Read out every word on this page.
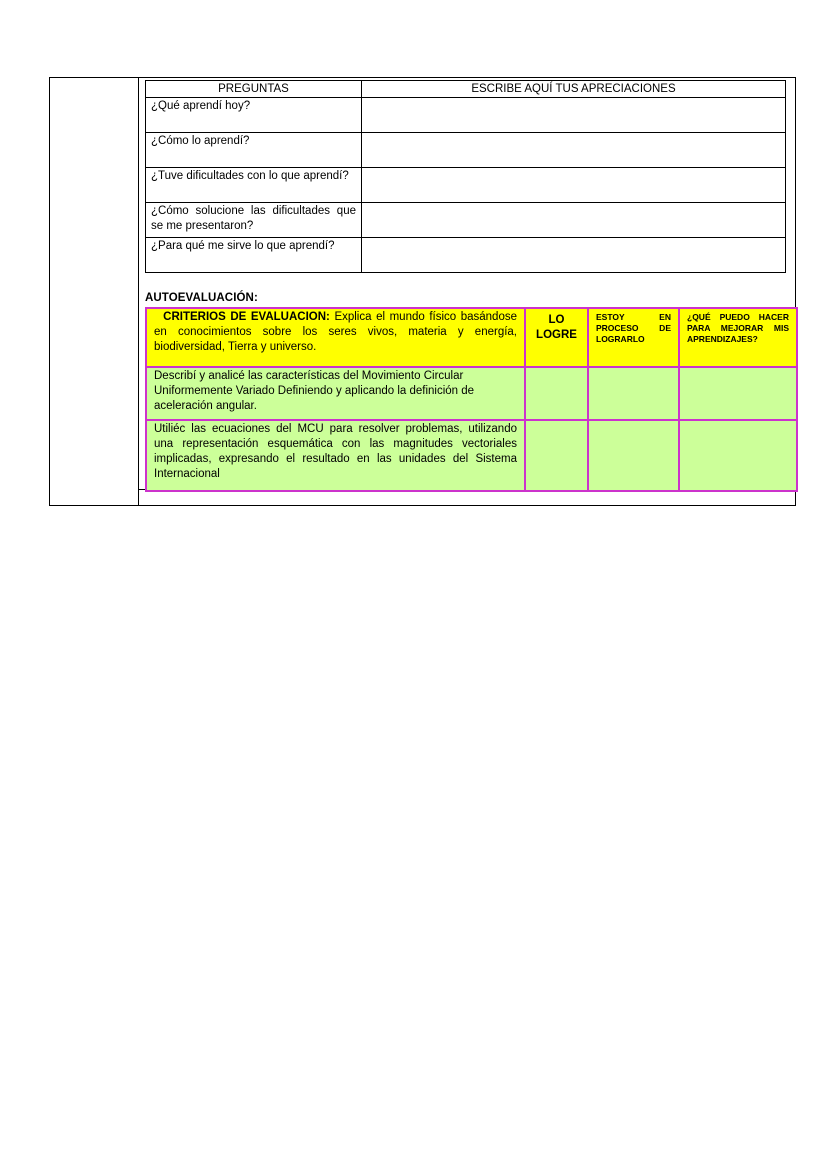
PREGUNTAS	ESCRIBE AQUÍ TUS APRECIACIONES
¿Qué aprendí hoy?	
¿Cómo lo aprendí?	
¿Tuve dificultades con lo que aprendí?	
¿Cómo solucione las dificultades que se me presentaron?	
¿Para qué me sirve lo que aprendí?	
AUTOEVALUACIÓN:
CRITERIOS DE EVALUACION: Explica el mundo físico basándose en conocimientos sobre los seres vivos, materia y energía, biodiversidad, Tierra y universo.	LO LOGRE	ESTOY EN PROCESO DE LOGRARLO	¿QUÉ PUEDO HACER PARA MEJORAR MIS APRENDIZAJES?
Describí y analicé las características del Movimiento Circular Uniformemente Variado Definiendo y aplicando la definición de aceleración angular.			
Utiliéc las ecuaciones del MCU para resolver problemas, utilizando una representación esquemática con las magnitudes vectoriales implicadas, expresando el resultado en las unidades del Sistema Internacional			
